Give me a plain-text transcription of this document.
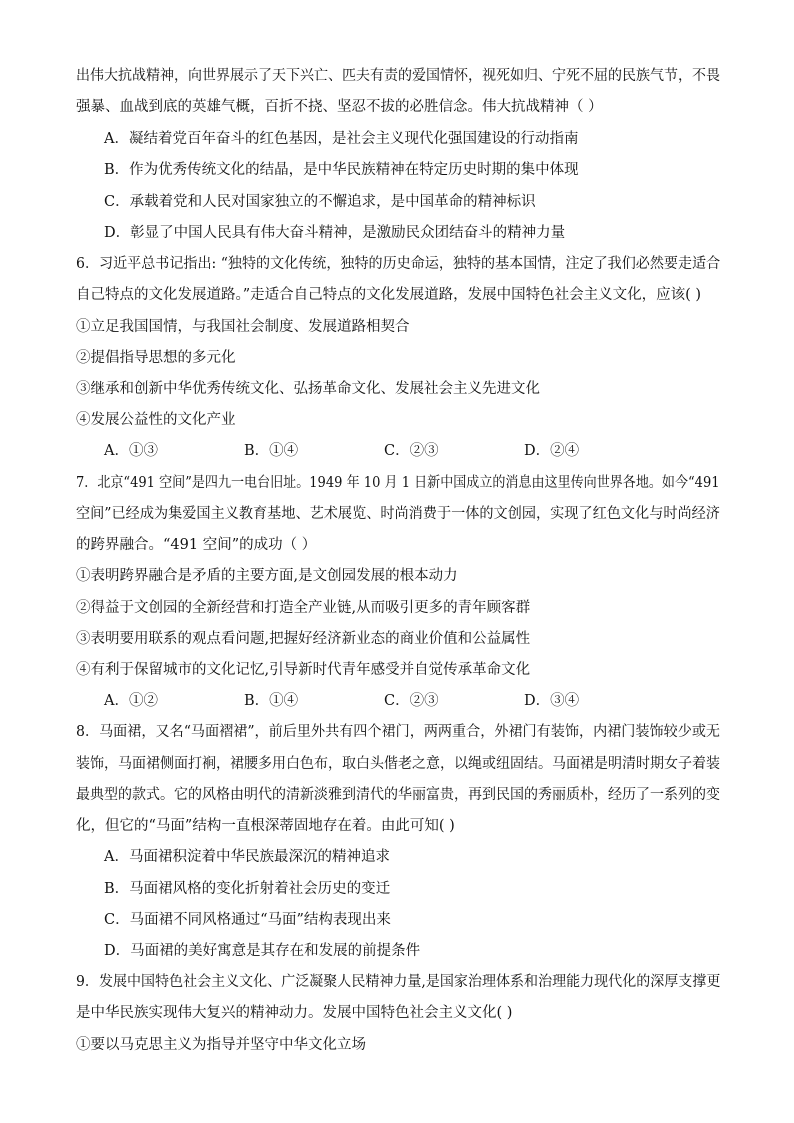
出伟大抗战精神，向世界展示了天下兴亡、匹夫有责的爱国情怀，视死如归、宁死不屈的民族气节，不畏
强暴、血战到底的英雄气概，百折不挠、坚忍不拔的必胜信念。伟大抗战精神（ ）
A．凝结着党百年奋斗的红色基因，是社会主义现代化强国建设的行动指南
B．作为优秀传统文化的结晶，是中华民族精神在特定历史时期的集中体现
C．承载着党和人民对国家独立的不懈追求，是中国革命的精神标识
D．彰显了中国人民具有伟大奋斗精神，是激励民众团结奋斗的精神力量
6．习近平总书记指出: “独特的文化传统，独特的历史命运，独特的基本国情，注定了我们必然要走适合
自己特点的文化发展道路。”走适合自己特点的文化发展道路，发展中国特色社会主义文化，应该( )
①立足我国国情，与我国社会制度、发展道路相契合
②提倡指导思想的多元化
③继承和创新中华优秀传统文化、弘扬革命文化、发展社会主义先进文化
④发展公益性的文化产业
A．①③	B．①④	C．②③	D．②④
7．北京“491 空间”是四九一电台旧址。1949 年 10 月 1 日新中国成立的消息由这里传向世界各地。如今“491
空间”已经成为集爱国主义教育基地、艺术展览、时尚消费于一体的文创园，实现了红色文化与时尚经济
的跨界融合。“491 空间”的成功（ ）
①表明跨界融合是矛盾的主要方面,是文创园发展的根本动力
②得益于文创园的全新经营和打造全产业链,从而吸引更多的青年顾客群
③表明要用联系的观点看问题,把握好经济新业态的商业价值和公益属性
④有利于保留城市的文化记忆,引导新时代青年感受并自觉传承革命文化
A．①②	B．①④	C．②③	D．③④
8．马面裙，又名“马面褶裙”，前后里外共有四个裙门，两两重合，外裙门有装饰，内裙门装饰较少或无
装饰，马面裙侧面打裥，裙腰多用白色布，取白头偕老之意，以绳或纽固结。马面裙是明清时期女子着装
最典型的款式。它的风格由明代的清新淡雅到清代的华丽富贵，再到民国的秀丽质朴，经历了一系列的变
化，但它的“马面”结构一直根深蒂固地存在着。由此可知( )
A．马面裙积淀着中华民族最深沉的精神追求
B．马面裙风格的变化折射着社会历史的变迁
C．马面裙不同风格通过“马面”结构表现出来
D．马面裙的美好寓意是其存在和发展的前提条件
9．发展中国特色社会主义文化、广泛凝聚人民精神力量,是国家治理体系和治理能力现代化的深厚支撑更
是中华民族实现伟大复兴的精神动力。发展中国特色社会主义文化( )
①要以马克思主义为指导并坚守中华文化立场
